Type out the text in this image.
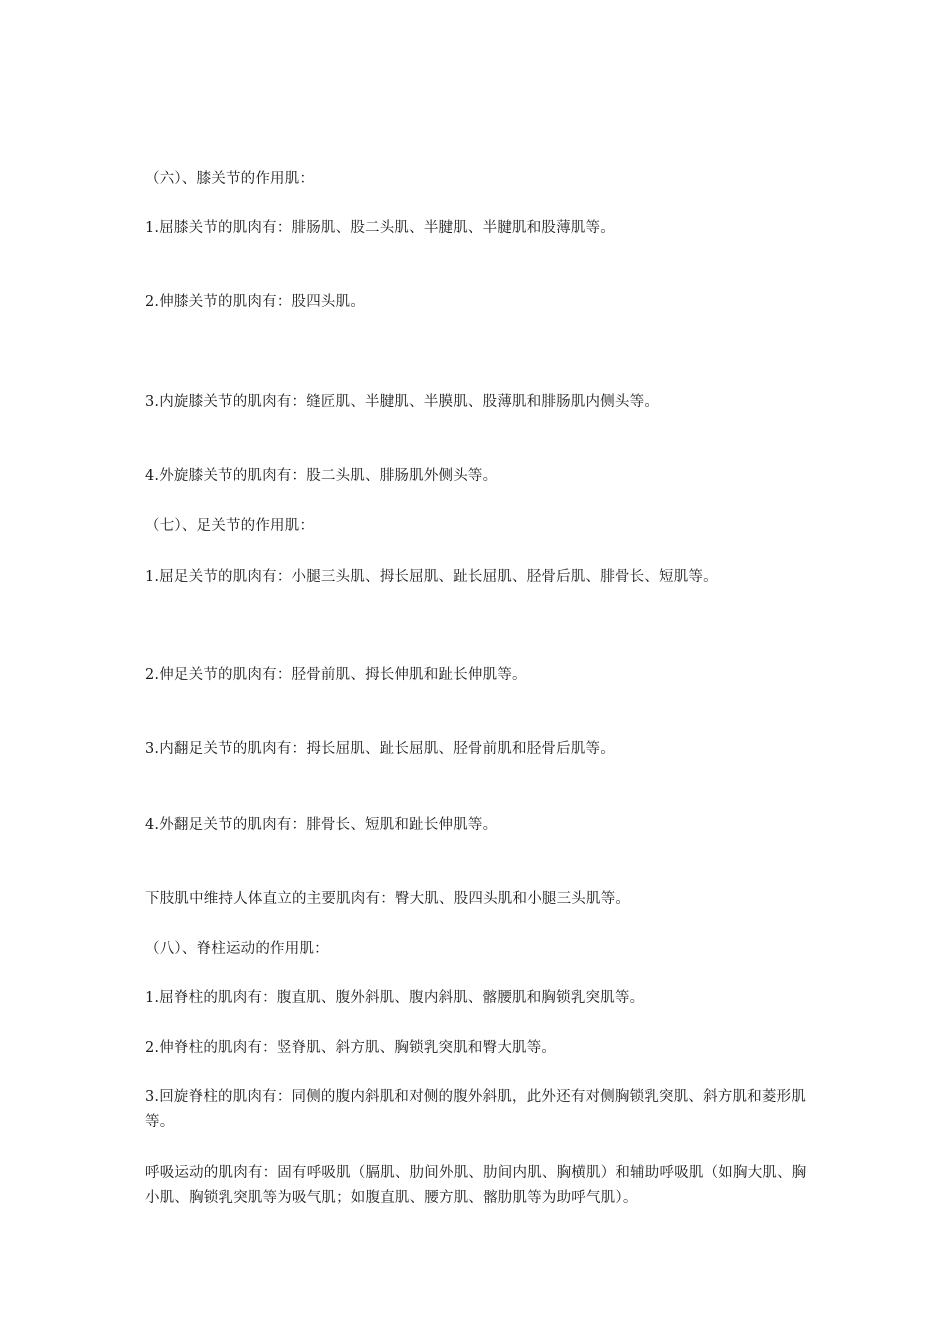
（六）、膝关节的作用肌：
1.屈膝关节的肌肉有：腓肠肌、股二头肌、半腱肌、半腱肌和股薄肌等。
2.伸膝关节的肌肉有：股四头肌。
3.内旋膝关节的肌肉有：缝匠肌、半腱肌、半膜肌、股薄肌和腓肠肌内侧头等。
4.外旋膝关节的肌肉有：股二头肌、腓肠肌外侧头等。
（七）、足关节的作用肌：
1.屈足关节的肌肉有：小腿三头肌、拇长屈肌、趾长屈肌、胫骨后肌、腓骨长、短肌等。
2.伸足关节的肌肉有：胫骨前肌、拇长伸肌和趾长伸肌等。
3.内翻足关节的肌肉有：拇长屈肌、趾长屈肌、胫骨前肌和胫骨后肌等。
4.外翻足关节的肌肉有：腓骨长、短肌和趾长伸肌等。
下肢肌中维持人体直立的主要肌肉有：臀大肌、股四头肌和小腿三头肌等。
（八）、脊柱运动的作用肌：
1.屈脊柱的肌肉有：腹直肌、腹外斜肌、腹内斜肌、髂腰肌和胸锁乳突肌等。
2.伸脊柱的肌肉有：竖脊肌、斜方肌、胸锁乳突肌和臀大肌等。
3.回旋脊柱的肌肉有：同侧的腹内斜肌和对侧的腹外斜肌，此外还有对侧胸锁乳突肌、斜方肌和菱形肌等。
呼吸运动的肌肉有：固有呼吸肌（膈肌、肋间外肌、肋间内肌、胸横肌）和辅助呼吸肌（如胸大肌、胸小肌、胸锁乳突肌等为吸气肌；如腹直肌、腰方肌、髂肋肌等为助呼气肌）。
